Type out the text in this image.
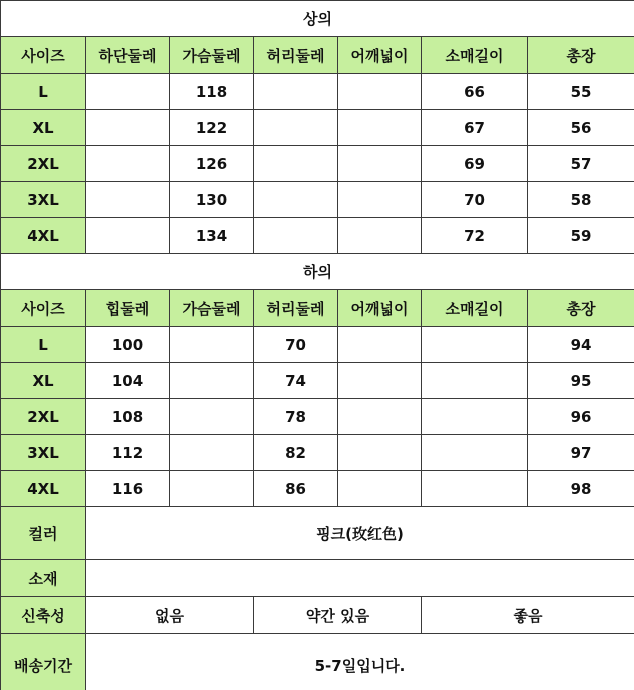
상의						
사이즈	하단둘레	가슴둘레	허리둘레	어깨넓이	소매길이	총장
L		118			66	55
XL		122			67	56
2XL		126			69	57
3XL		130			70	58
4XL		134			72	59
하의						
사이즈	힙둘레	가슴둘레	허리둘레	어깨넓이	소매길이	총장
L	100		70			94
XL	104		74			95
2XL	108		78			96
3XL	112		82			97
4XL	116		86			98
컬러	핑크(玫红色)					
소재						
신축성	없음		약간 있음		좋음	
배송기간	5-7일입니다.					
